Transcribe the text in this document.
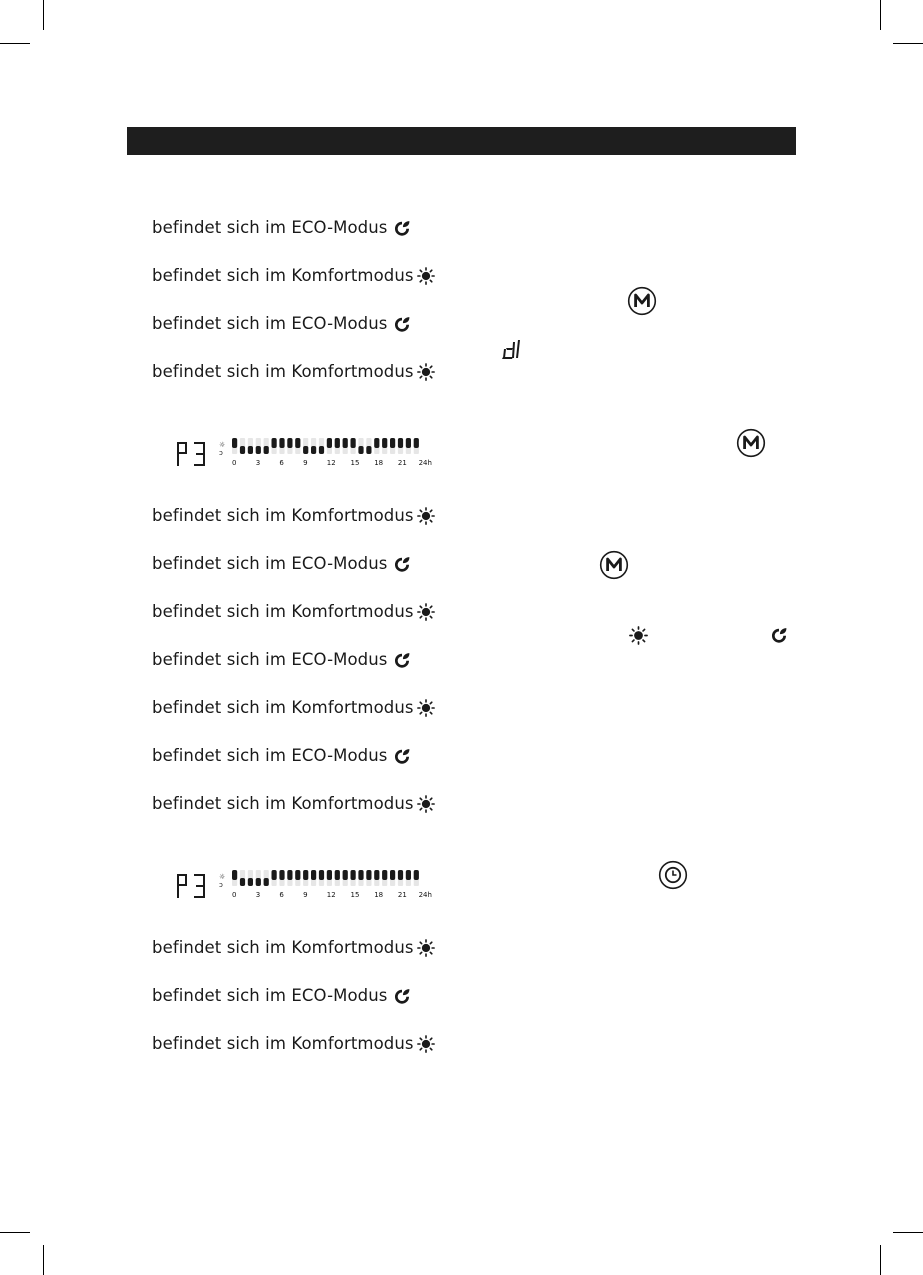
befindet sich im ECO-Modus
befindet sich im Komfortmodus
befindet sich im ECO-Modus
befindet sich im Komfortmodus
befindet sich im Komfortmodus
befindet sich im ECO-Modus
befindet sich im Komfortmodus
befindet sich im ECO-Modus
befindet sich im Komfortmodus
befindet sich im ECO-Modus
befindet sich im Komfortmodus
befindet sich im Komfortmodus
befindet sich im ECO-Modus
befindet sich im Komfortmodus
☼
ↄ
0	3	6	9	12 15 18 21 24h
☼
ↄ
0	3	6	9	12 15 18 21 24h
